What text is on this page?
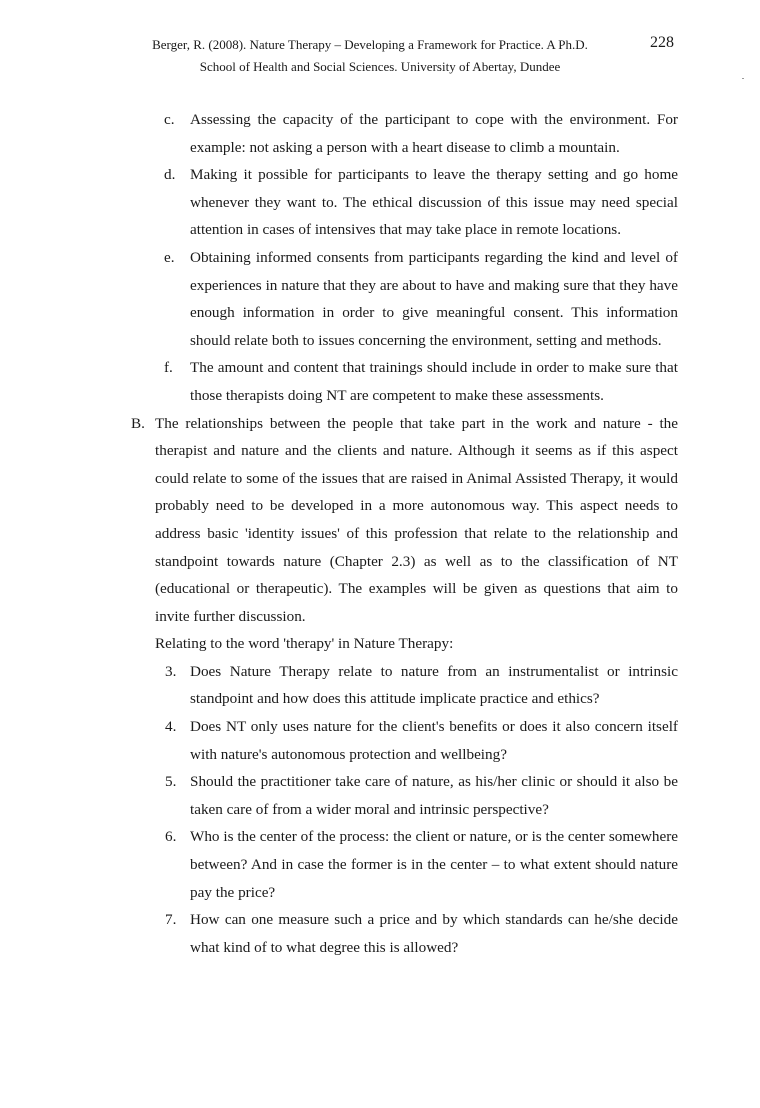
Berger, R. (2008). Nature Therapy – Developing a Framework for Practice. A Ph.D.	228
School of Health and Social Sciences. University of Abertay, Dundee
c. Assessing the capacity of the participant to cope with the environment. For example: not asking a person with a heart disease to climb a mountain.
d. Making it possible for participants to leave the therapy setting and go home whenever they want to. The ethical discussion of this issue may need special attention in cases of intensives that may take place in remote locations.
e. Obtaining informed consents from participants regarding the kind and level of experiences in nature that they are about to have and making sure that they have enough information in order to give meaningful consent. This information should relate both to issues concerning the environment, setting and methods.
f. The amount and content that trainings should include in order to make sure that those therapists doing NT are competent to make these assessments.
B. The relationships between the people that take part in the work and nature - the therapist and nature and the clients and nature. Although it seems as if this aspect could relate to some of the issues that are raised in Animal Assisted Therapy, it would probably need to be developed in a more autonomous way. This aspect needs to address basic 'identity issues' of this profession that relate to the relationship and standpoint towards nature (Chapter 2.3) as well as to the classification of NT (educational or therapeutic). The examples will be given as questions that aim to invite further discussion.
Relating to the word 'therapy' in Nature Therapy:
3. Does Nature Therapy relate to nature from an instrumentalist or intrinsic standpoint and how does this attitude implicate practice and ethics?
4. Does NT only uses nature for the client's benefits or does it also concern itself with nature's autonomous protection and wellbeing?
5. Should the practitioner take care of nature, as his/her clinic or should it also be taken care of from a wider moral and intrinsic perspective?
6. Who is the center of the process: the client or nature, or is the center somewhere between? And in case the former is in the center – to what extent should nature pay the price?
7. How can one measure such a price and by which standards can he/she decide what kind of to what degree this is allowed?
